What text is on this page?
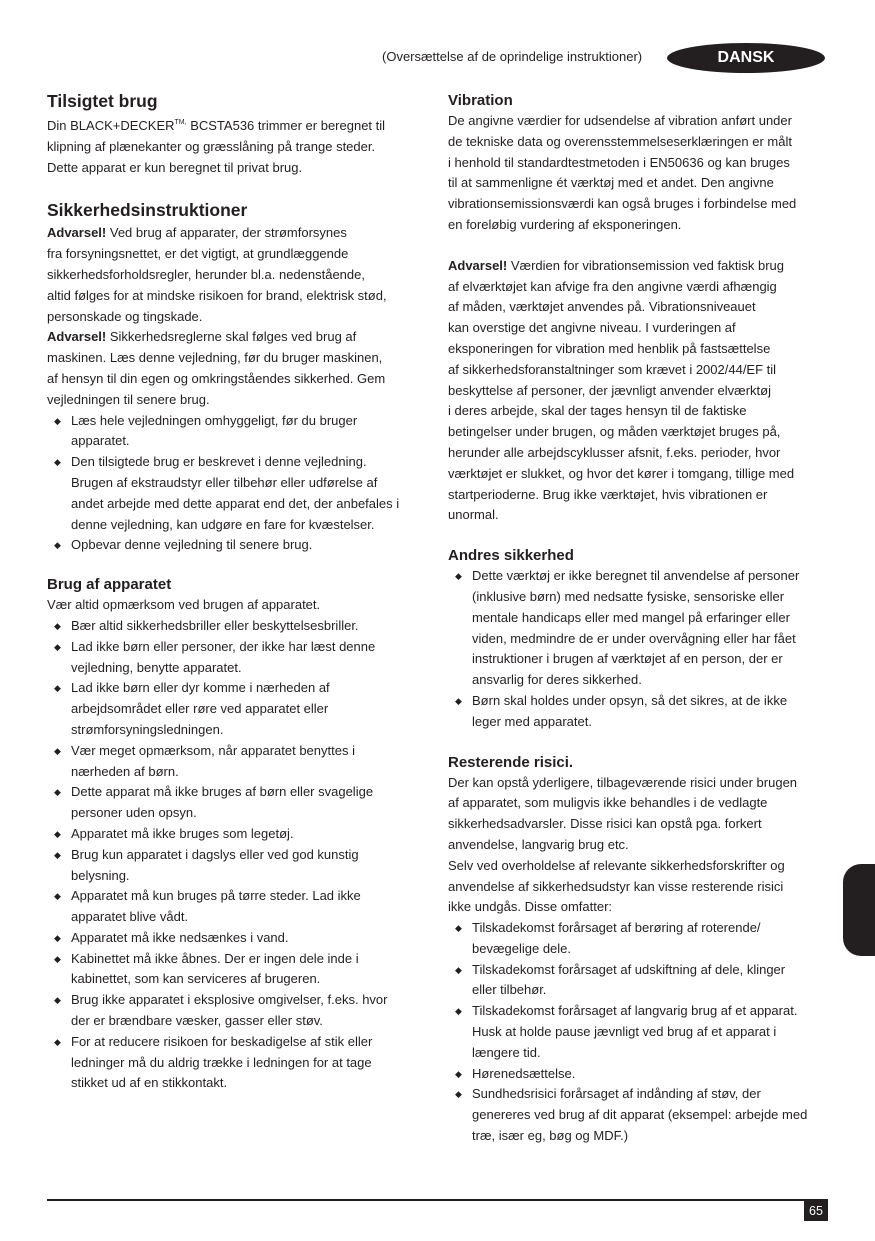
(Oversættelse af de oprindelige instruktioner)	DANSK
Tilsigtet brug
Din $BLACK+DECKER^{TM,}$ BCSTA536 trimmer er beregnet til
klipning af plænekanter og græsslåning på trange steder.
Dette apparat er kun beregnet til privat brug.
Sikkerhedsinstruktioner
Advarsel! Ved brug af apparater, der strømforsynes
fra forsyningsnettet, er det vigtigt, at grundlæggende
sikkerhedsforholdsregler, herunder bl.a. nedenstående,
altid følges for at mindske risikoen for brand, elektrisk stød,
personskade og tingskade.
Advarsel! Sikkerhedsreglerne skal følges ved brug af
maskinen. Læs denne vejledning, før du bruger maskinen,
af hensyn til din egen og omkringståendes sikkerhed. Gem
vejledningen til senere brug.
◆ Læs hele vejledningen omhyggeligt, før du bruger
apparatet.
◆ Den tilsigtede brug er beskrevet i denne vejledning.
Brugen af ekstraudstyr eller tilbehør eller udførelse af
andet arbejde med dette apparat end det, der anbefales i
denne vejledning, kan udgøre en fare for kvæstelser.
◆ Opbevar denne vejledning til senere brug.
Brug af apparatet
Vær altid opmærksom ved brugen af apparatet.
◆ Bær altid sikkerhedsbriller eller beskyttelsesbriller.
◆ Lad ikke børn eller personer, der ikke har læst denne
vejledning, benytte apparatet.
◆ Lad ikke børn eller dyr komme i nærheden af
arbejdsområdet eller røre ved apparatet eller
strømforsyningsledningen.
◆ Vær meget opmærksom, når apparatet benyttes i
nærheden af børn.
◆ Dette apparat må ikke bruges af børn eller svagelige
personer uden opsyn.
◆ Apparatet må ikke bruges som legetøj.
◆ Brug kun apparatet i dagslys eller ved god kunstig
belysning.
◆ Apparatet må kun bruges på tørre steder. Lad ikke
apparatet blive vådt.
◆ Apparatet må ikke nedsænkes i vand.
◆ Kabinettet må ikke åbnes. Der er ingen dele inde i
kabinettet, som kan serviceres af brugeren.
◆ Brug ikke apparatet i eksplosive omgivelser, f.eks. hvor
der er brændbare væsker, gasser eller støv.
◆ For at reducere risikoen for beskadigelse af stik eller
ledninger må du aldrig trække i ledningen for at tage
stikket ud af en stikkontakt.
Vibration
De angivne værdier for udsendelse af vibration anført under
de tekniske data og overensstemmelseserklæringen er målt
i henhold til standardtestmetoden i EN50636 og kan bruges
til at sammenligne ét værktøj med et andet. Den angivne
vibrationsemissionsværdi kan også bruges i forbindelse med
en foreløbig vurdering af eksponeringen.
Advarsel! Værdien for vibrationsemission ved faktisk brug
af elværktøjet kan afvige fra den angivne værdi afhængig
af måden, værktøjet anvendes på. Vibrationsniveauet
kan overstige det angivne niveau. I vurderingen af
eksponeringen for vibration med henblik på fastsættelse
af sikkerhedsforanstaltninger som krævet i 2002/44/EF til
beskyttelse af personer, der jævnligt anvender elværktøj
i deres arbejde, skal der tages hensyn til de faktiske
betingelser under brugen, og måden værktøjet bruges på,
herunder alle arbejdscyklusser afsnit, f.eks. perioder, hvor
værktøjet er slukket, og hvor det kører i tomgang, tillige med
startperioderne. Brug ikke værktøjet, hvis vibrationen er
unormal.
Andres sikkerhed
◆ Dette værktøj er ikke beregnet til anvendelse af personer
(inklusive børn) med nedsatte fysiske, sensoriske eller
mentale handicaps eller med mangel på erfaringer eller
viden, medmindre de er under overvågning eller har fået
instruktioner i brugen af værktøjet af en person, der er
ansvarlig for deres sikkerhed.
◆ Børn skal holdes under opsyn, så det sikres, at de ikke
leger med apparatet.
Resterende risici.
Der kan opstå yderligere, tilbageværende risici under brugen
af apparatet, som muligvis ikke behandles i de vedlagte
sikkerhedsadvarsler. Disse risici kan opstå pga. forkert
anvendelse, langvarig brug etc.
Selv ved overholdelse af relevante sikkerhedsforskrifter og
anvendelse af sikkerhedsudstyr kan visse resterende risici
ikke undgås. Disse omfatter:
◆ Tilskadekomst forårsaget af berøring af roterende/
bevægelige dele.
◆ Tilskadekomst forårsaget af udskiftning af dele, klinger
eller tilbehør.
◆ Tilskadekomst forårsaget af langvarig brug af et apparat.
Husk at holde pause jævnligt ved brug af et apparat i
længere tid.
◆ Hørenedsættelse.
◆ Sundhedsrisici forårsaget af indånding af støv, der
genereres ved brug af dit apparat (eksempel: arbejde med
træ, især eg, bøg og MDF.)
65
